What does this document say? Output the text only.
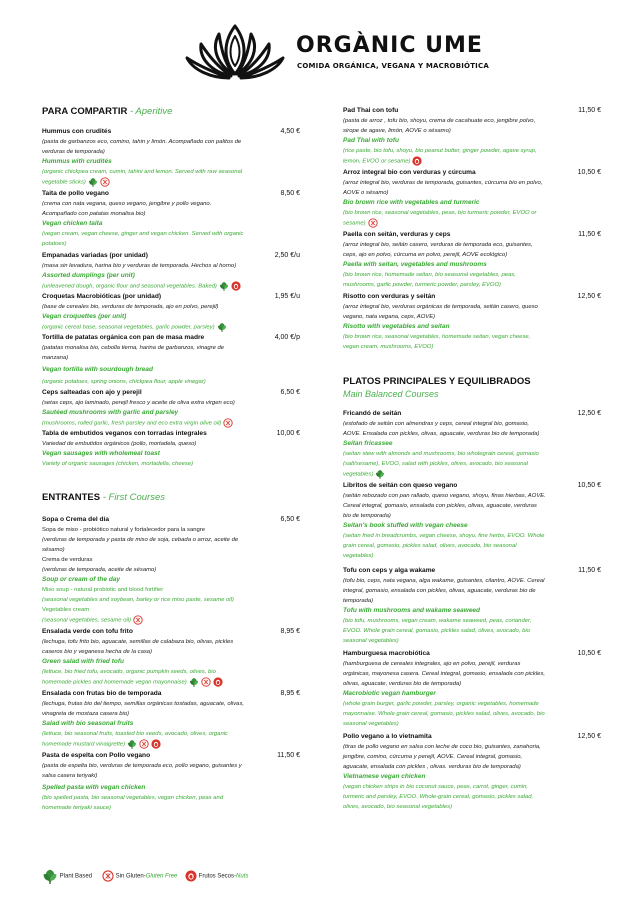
ORGÀNIC UME
COMIDA ORGÁNICA, VEGANA Y MACROBIÓTICA
PARA COMPARTIR - Aperitive
Hummus con crudités	4,50 €
(pasta de garbanzos eco, comino, tahin y limón. Acompañado con palitos de
verduras de temporada)
Hummus with crudités
(organic chickpea cream, cumin, tahini and lemon. Served with raw seasonal
vegetable sticks)
Taita de pollo vegano	8,50 €
(crema con nata vegana, queso vegano, jengibre y pollo vegano.
Acompañado con patatas monalisa bio)
Vegan chicken taita
(vegan cream, vegan cheese, ginger and vegan chicken. Served with organic
potatoes)
Empanadas variadas (por unidad)	2,50 €/u
(masa sin levadura, harina bio y verduras de temporada. Hechos al horno)
Assorted dumplings (per unit)
(unleavened dough, organic flour and seasonal vegetables. Baked)
Croquetas Macrobióticas (por unidad)	1,95 €/u
(base de cereales bio, verduras de temporada, ajo en polvo, perejil)
Vegan croquettes (per unit)
(organic cereal base, seasonal vegetables, garlic powder, parsley)
Tortilla de patatas orgánica con pan de masa madre	4,00 €/p
(patatas monalisa bio, cebolla tierna, harina de garbanzos, vinagre de
manzana)
Vegan tortilla with sourdough bread
(organic potatoes, spring onions, chickpea flour, apple vinegar)
Ceps salteadas con ajo y perejil	6,50 €
(setas ceps, ajo laminado, perejil fresco y aceite de oliva extra virgen eco)
Sautéed mushrooms with garlic and parsley
(mushrooms, rolled garlic, fresh parsley and eco extra virgin olive oil)
Tabla de embutidos veganos con torradas integrales	10,00 €
Variedad de embutidos orgánicos (pollo, mortadela, queso)
Vegan sausages with wholemeal toast
Variety of organic sausages (chicken, mortadella, cheese)
ENTRANTES - First Courses
Sopa o Crema del día	6,50 €
Sopa de miso - probiótico natural y fortalecedor para la sangre
(verduras de temporada y pasta de miso de soja, cebada o arroz, aceite de
sésamo)
Crema de verduras
(verduras de temporada, aceite de sésamo)
Soup or cream of the day
Miso soup - natural probiotic and blood fortifier
(seasonal vegetables and soybean, barley or rice miso paste, sesame oil)
Vegetables cream
(seasonal vegetables, sesame oil)
Ensalada verde con tofu frito	8,95 €
(lechuga, tofu frito bio, aguacate, semillas de calabaza bio, olivas, pickles
caseros bio y veganesa hecha de la casa)
Green salad with fried tofu
(lettuce, bio fried tofu, avocado, organic pumpkin seeds, olives, bio
homemade pickles and homemade vegan mayonnaise)
Ensalada con frutas bio de temporada	8,95 €
(lechuga, frutas bio del tiempo, semillas orgánicas tostadas, aguacate, olivas,
vinagreta de mostaza casera bio)
Salad with bio seasonal fruits
(lettuce, bio seasonal fruits, toasted bio seeds, avocado, olives, organic
homemade mustard vinaigrette)
Pasta de espelta con Pollo vegano	11,50 €
(pasta de espelta bio, verduras de temporada eco, pollo vegano, guisantes y
salsa casera teriyaki)
Spelled pasta with vegan chicken
(bio spelled pasta, bio seasonal vegetables, vegan chicken, peas and
homemade teriyaki sauce)
Pad Thai con tofu	11,50 €
(pasta de arroz , tofu bio, shoyu, crema de cacahuate eco, jengibre polvo,
sirope de agave, limón, AOVE o sésamo)
Pad Thai with tofu
(rice paste, bio tofu, shoyu, bio peanut butter, ginger powder, agave syrup,
lemon, EVOO or sesame)
Arroz integral bio con verduras y cúrcuma	10,50 €
(arroz integral bio, verduras de temporada, guisantes, cúrcuma bio en polvo,
AOVE o sésamo)
Bio brown rice with vegetables and turmeric
(bio brown rice, seasonal vegetables, peas, bio turmeric powder, EVOO or
sesame)
Paella con seitán, verduras y ceps	11,50 €
(arroz integral bio, seitán casero, verduras de temporada eco, guisantes,
ceps, ajo en polvo, cúrcuma en polvo, perejil, AOVE ecológico)
Paella with seitan, vegetables and mushrooms
(bio brown rice, homemade seitan, bio seasonal vegetables, peas,
mushrooms, garlic powder, turmeric powder, parsley, EVOO)
Risotto con verduras y seitán	12,50 €
(arroz integral bio, verduras orgánicas de temporada, seitán casero, queso
vegano, nata vegana, ceps, AOVE)
Risotto with vegetables and seitan
(bio brown rice, seasonal vegetables, homemade seitan, vegan cheese,
vegan cream, mushrooms, EVOO)
PLATOS PRINCIPALES Y EQUILIBRADOS
Main Balanced Courses
Fricandó de seitán	12,50 €
(estofado de seitán con almendras y ceps, cereal integral bio, gomasio,
AOVE. Ensalada con pickles, olivas, aguacate, verduras bio de temporada)
Seitan fricassee
(seitan stew with almonds and mushrooms, bio wholegrain cereal, gomasio
(salt/sesame), EVOO, salad with pickles, olives, avocado, bio seasonal
vegetables)
Libritos de seitán con queso vegano	10,50 €
(seitán rebozado con pan rallado, queso vegano, shoyu, finas hierbas, AOVE.
Cereal integral, gomasio, ensalada con pickles, olivas, aguacate, verduras
bio de temporada)
Seitan's book stuffed with vegan cheese
(seitan fried in breadcrumbs, vegan cheese, shoyu, fine herbs, EVOO. Whole
grain cereal, gomasio, pickles salad, olives, avocado, bio seasonal
vegetables)
Tofu con ceps y alga wakame	11,50 €
(tofu bio, ceps, nata vegana, alga wakame, guisantes, cilantro, AOVE. Cereal
integral, gomasio, ensalada con pickles, olivas, aguacate, verduras bio de
temporada)
Tofu with mushrooms and wakame seaweed
(bio tofu, mushrooms, vegan cream, wakame seaweed, peas, coriander,
EVOO. Whole grain cereal, gomasio, pickles salad, olives, avocado, bio
seasonal vegetables)
Hamburguesa macrobiótica	10,50 €
(hamburguesa de cereales integrales, ajo en polvo, perejil, verduras
orgánicas, mayonesa casera. Cereal integral, gomasio, ensalada con pickles,
olivas, aguacate, verduras bio de temporada)
Macrobiotic vegan hamburger
(whole grain burger, garlic powder, parsley, organic vegetables, homemade
mayonnaise. Whole grain cereal, gomasio, pickles salad, olives, avocado, bio
seasonal vegetables)
Pollo vegano a lo vietnamita	12,50 €
(tiras de pollo vegano en salsa con leche de coco bio, guisantes, zanahoria,
jengibre, comino, cúrcuma y perejil, AOVE. Cereal integral, gomasio,
aguacate, ensalada con pickles , olivas. verduras bio de temporada)
Vietnamese vegan chicken
(vegan chicken strips in bio coconut sauce, peas, carrot, ginger, cumin,
turmeric and parsley, EVOO. Whole-grain cereal, gomasio, pickles salad,
olives, avocado, bio seasonal vegetables)
Plant Based	Sin Gluten-Gluten Free	Frutos Secos-Nuts
